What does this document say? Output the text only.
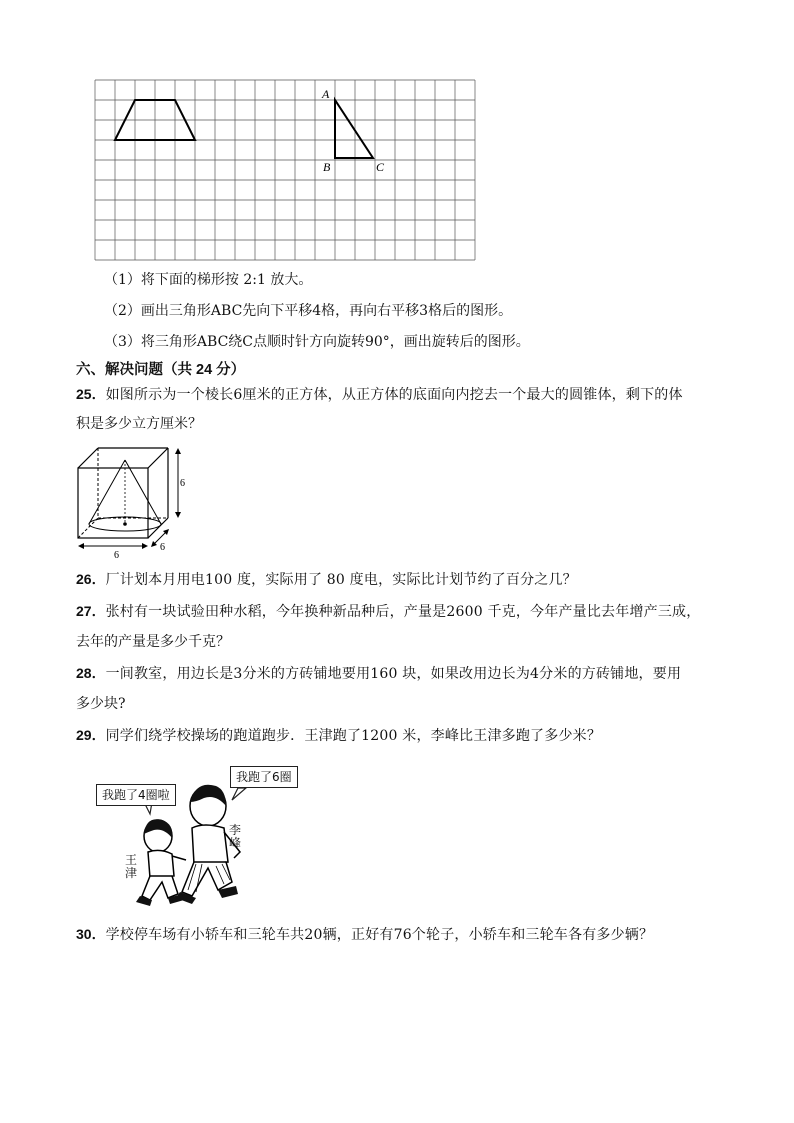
A
B	C
（1）将下面的梯形按 2:1 放大。
（2）画出三角形ABC先向下平移4格，再向右平移3格后的图形。
（3）将三角形ABC绕C点顺时针方向旋转90°，画出旋转后的图形。
六、解决问题（共 24 分）
25．如图所示为一个棱长6厘米的正方体，从正方体的底面向内挖去一个最大的圆锥体，剩下的体
积是多少立方厘米？
6
6
6
26．厂计划本月用电100 度，实际用了 80 度电，实际比计划节约了百分之几？
27．张村有一块试验田种水稻，今年换种新品种后，产量是2600 千克，今年产量比去年增产三成，
去年的产量是多少千克？
28．一间教室，用边长是3分米的方砖铺地要用160 块，如果改用边长为4分米的方砖铺地，要用
多少块?
29．同学们绕学校操场的跑道跑步．王津跑了1200 米，李峰比王津多跑了多少米？
我跑了4圈啦
我跑了6圈
李
峰
王
津
30．学校停车场有小轿车和三轮车共20辆，正好有76个轮子，小轿车和三轮车各有多少辆？
